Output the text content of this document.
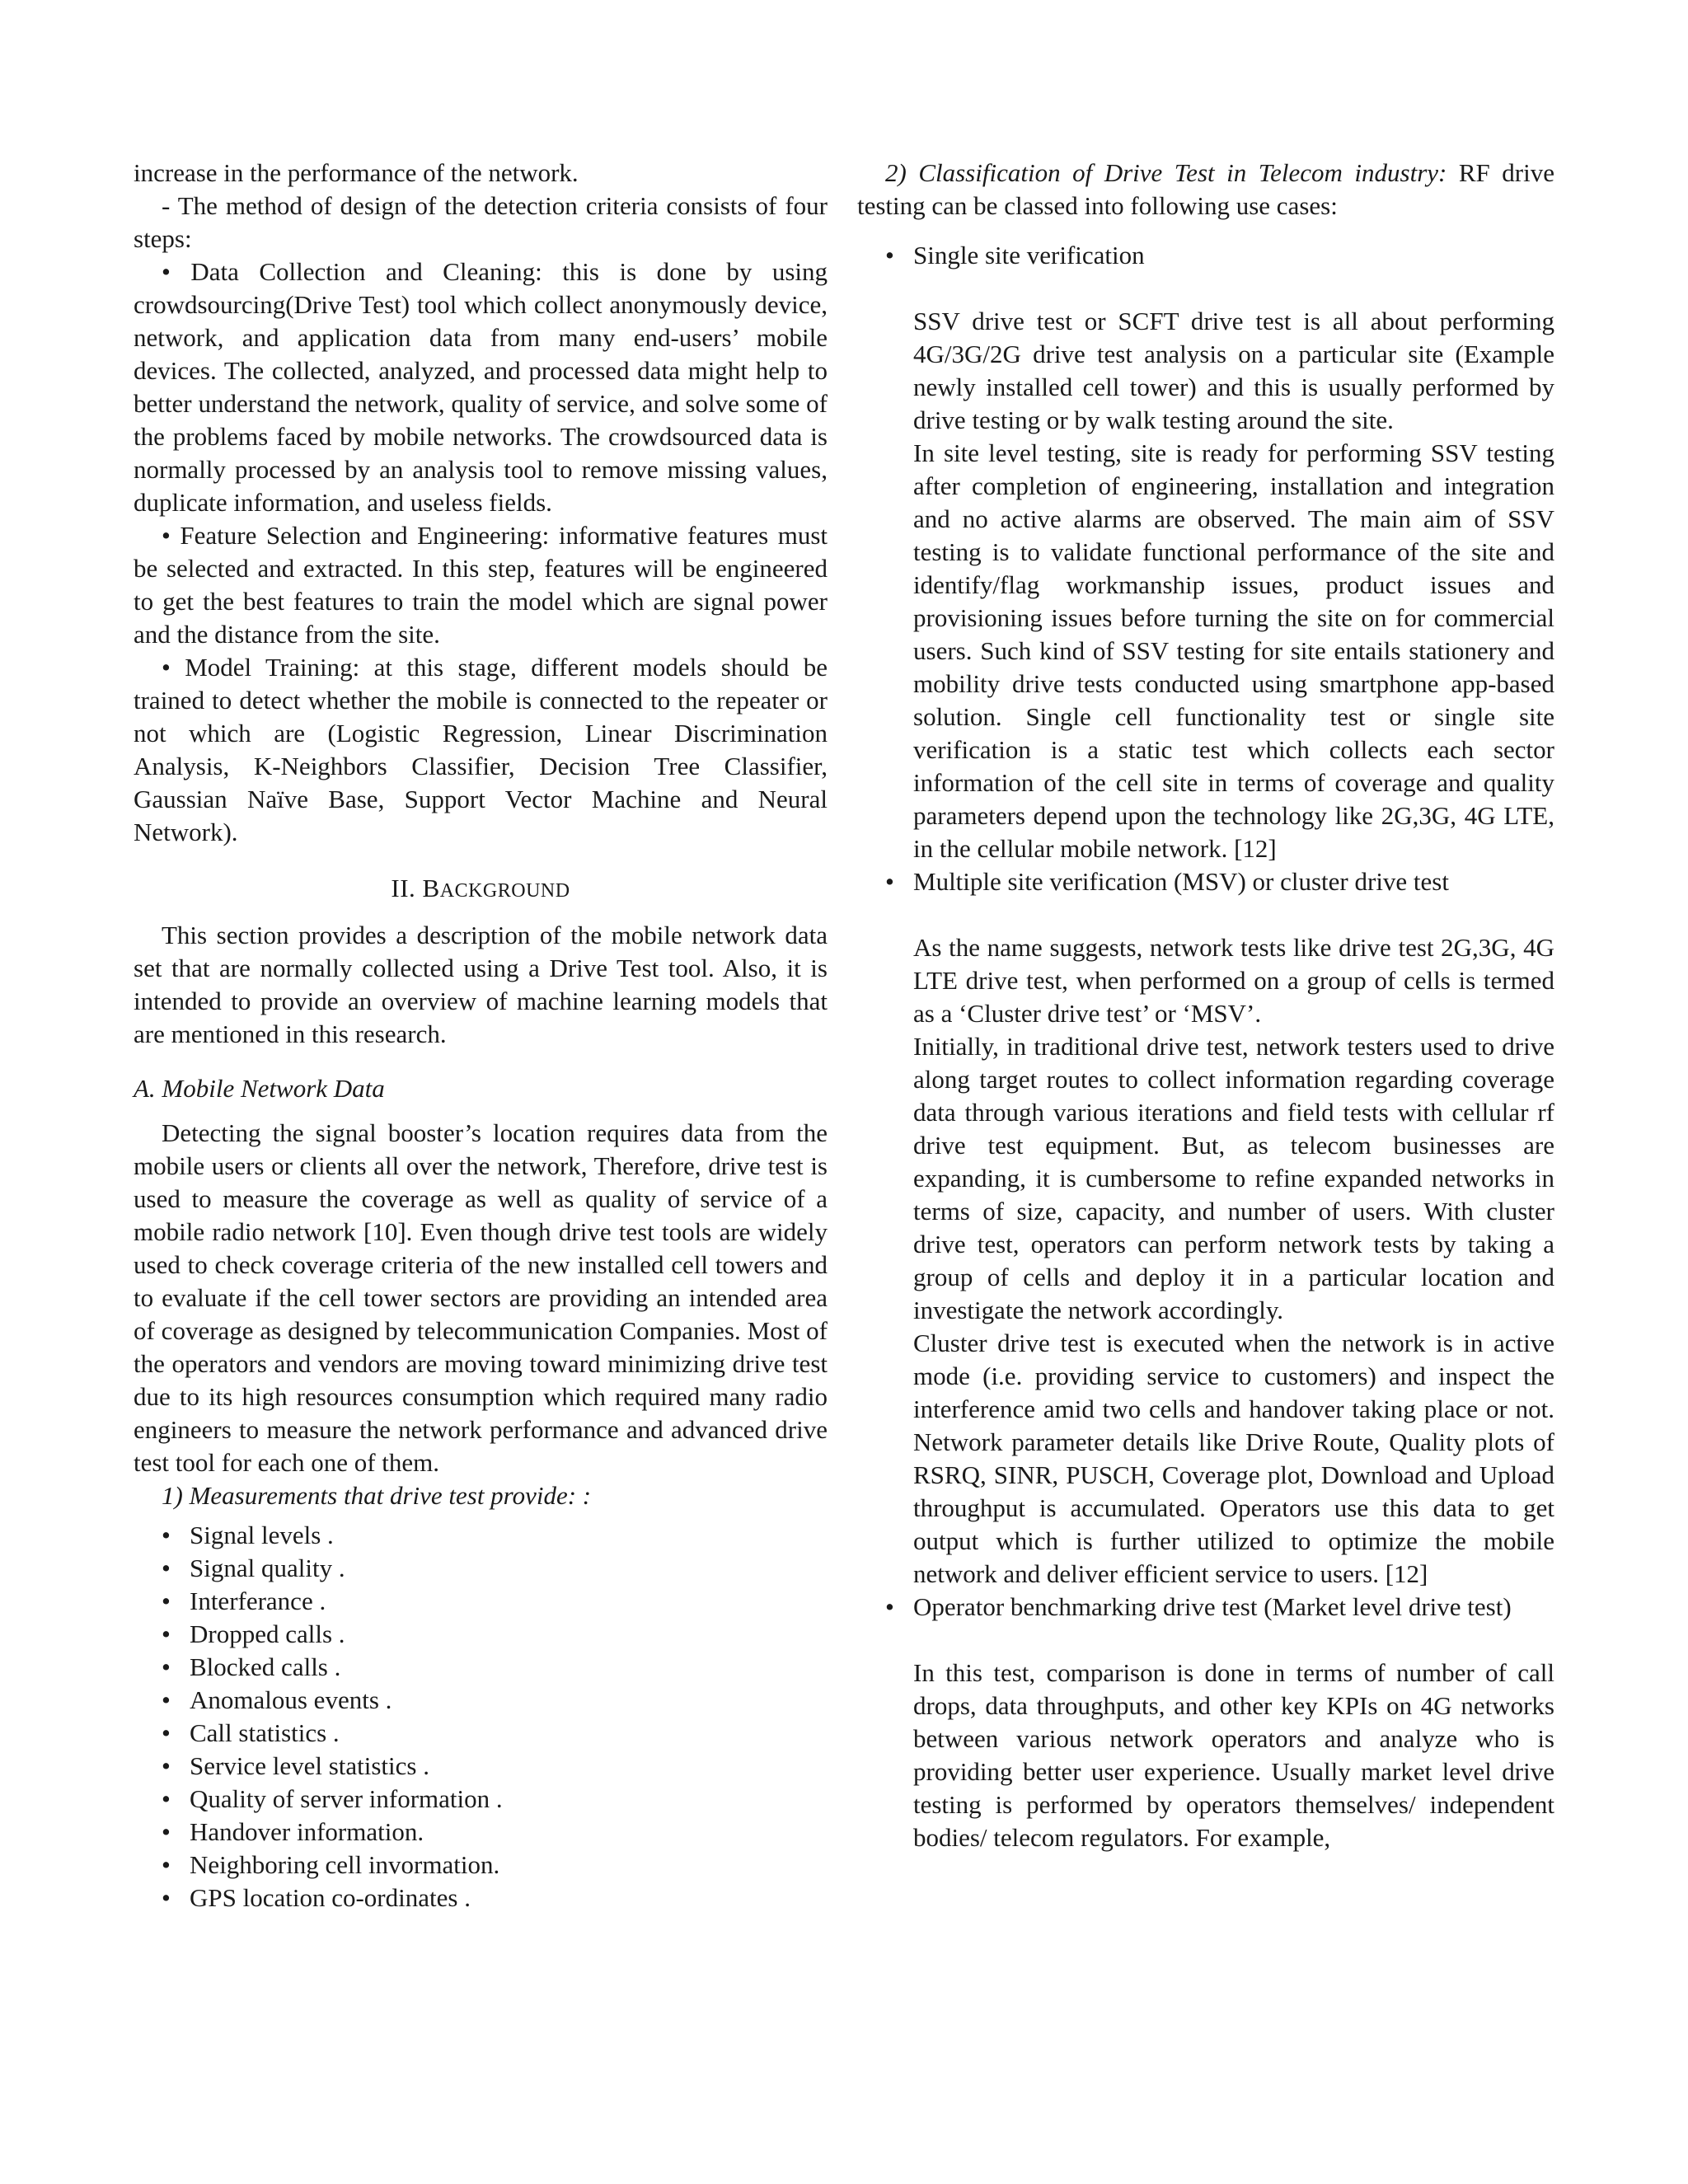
increase in the performance of the network.

- The method of design of the detection criteria consists of four steps:

• Data Collection and Cleaning: this is done by using crowdsourcing(Drive Test) tool which collect anonymously device, network, and application data from many end-users’ mobile devices. The collected, analyzed, and processed data might help to better understand the network, quality of service, and solve some of the problems faced by mobile networks. The crowdsourced data is normally processed by an analysis tool to remove missing values, duplicate information, and useless fields.

• Feature Selection and Engineering: informative features must be selected and extracted. In this step, features will be engineered to get the best features to train the model which are signal power and the distance from the site.

• Model Training: at this stage, different models should be trained to detect whether the mobile is connected to the repeater or not which are (Logistic Regression, Linear Discrimination Analysis, K-Neighbors Classifier, Decision Tree Classifier, Gaussian Naïve Base, Support Vector Machine and Neural Network).

II. BACKGROUND

This section provides a description of the mobile network data set that are normally collected using a Drive Test tool. Also, it is intended to provide an overview of machine learning models that are mentioned in this research.

A. Mobile Network Data

Detecting the signal booster’s location requires data from the mobile users or clients all over the network, Therefore, drive test is used to measure the coverage as well as quality of service of a mobile radio network [10]. Even though drive test tools are widely used to check coverage criteria of the new installed cell towers and to evaluate if the cell tower sectors are providing an intended area of coverage as designed by telecommunication Companies. Most of the operators and vendors are moving toward minimizing drive test due to its high resources consumption which required many radio engineers to measure the network performance and advanced drive test tool for each one of them.

1) Measurements that drive test provide: :

• Signal levels .
• Signal quality .
• Interferance .
• Dropped calls .
• Blocked calls .
• Anomalous events .
• Call statistics .
• Service level statistics .
• Quality of server information .
• Handover information.
• Neighboring cell invormation.
• GPS location co-ordinates .

2) Classification of Drive Test in Telecom industry: RF drive testing can be classed into following use cases:

• Single site verification
SSV drive test or SCFT drive test is all about performing 4G/3G/2G drive test analysis on a particular site (Example newly installed cell tower) and this is usually performed by drive testing or by walk testing around the site.
In site level testing, site is ready for performing SSV testing after completion of engineering, installation and integration and no active alarms are observed. The main aim of SSV testing is to validate functional performance of the site and identify/flag workmanship issues, product issues and provisioning issues before turning the site on for commercial users. Such kind of SSV testing for site entails stationery and mobility drive tests conducted using smartphone app-based solution. Single cell functionality test or single site verification is a static test which collects each sector information of the cell site in terms of coverage and quality parameters depend upon the technology like 2G,3G, 4G LTE, in the cellular mobile network. [12]
• Multiple site verification (MSV) or cluster drive test
As the name suggests, network tests like drive test 2G,3G, 4G LTE drive test, when performed on a group of cells is termed as a ‘Cluster drive test’ or ‘MSV’.
Initially, in traditional drive test, network testers used to drive along target routes to collect information regarding coverage data through various iterations and field tests with cellular rf drive test equipment. But, as telecom businesses are expanding, it is cumbersome to refine expanded networks in terms of size, capacity, and number of users. With cluster drive test, operators can perform network tests by taking a group of cells and deploy it in a particular location and investigate the network accordingly.
Cluster drive test is executed when the network is in active mode (i.e. providing service to customers) and inspect the interference amid two cells and handover taking place or not. Network parameter details like Drive Route, Quality plots of RSRQ, SINR, PUSCH, Coverage plot, Download and Upload throughput is accumulated. Operators use this data to get output which is further utilized to optimize the mobile network and deliver efficient service to users. [12]
• Operator benchmarking drive test (Market level drive test)
In this test, comparison is done in terms of number of call drops, data throughputs, and other key KPIs on 4G networks between various network operators and analyze who is providing better user experience. Usually market level drive testing is performed by operators themselves/ independent bodies/ telecom regulators. For example,
